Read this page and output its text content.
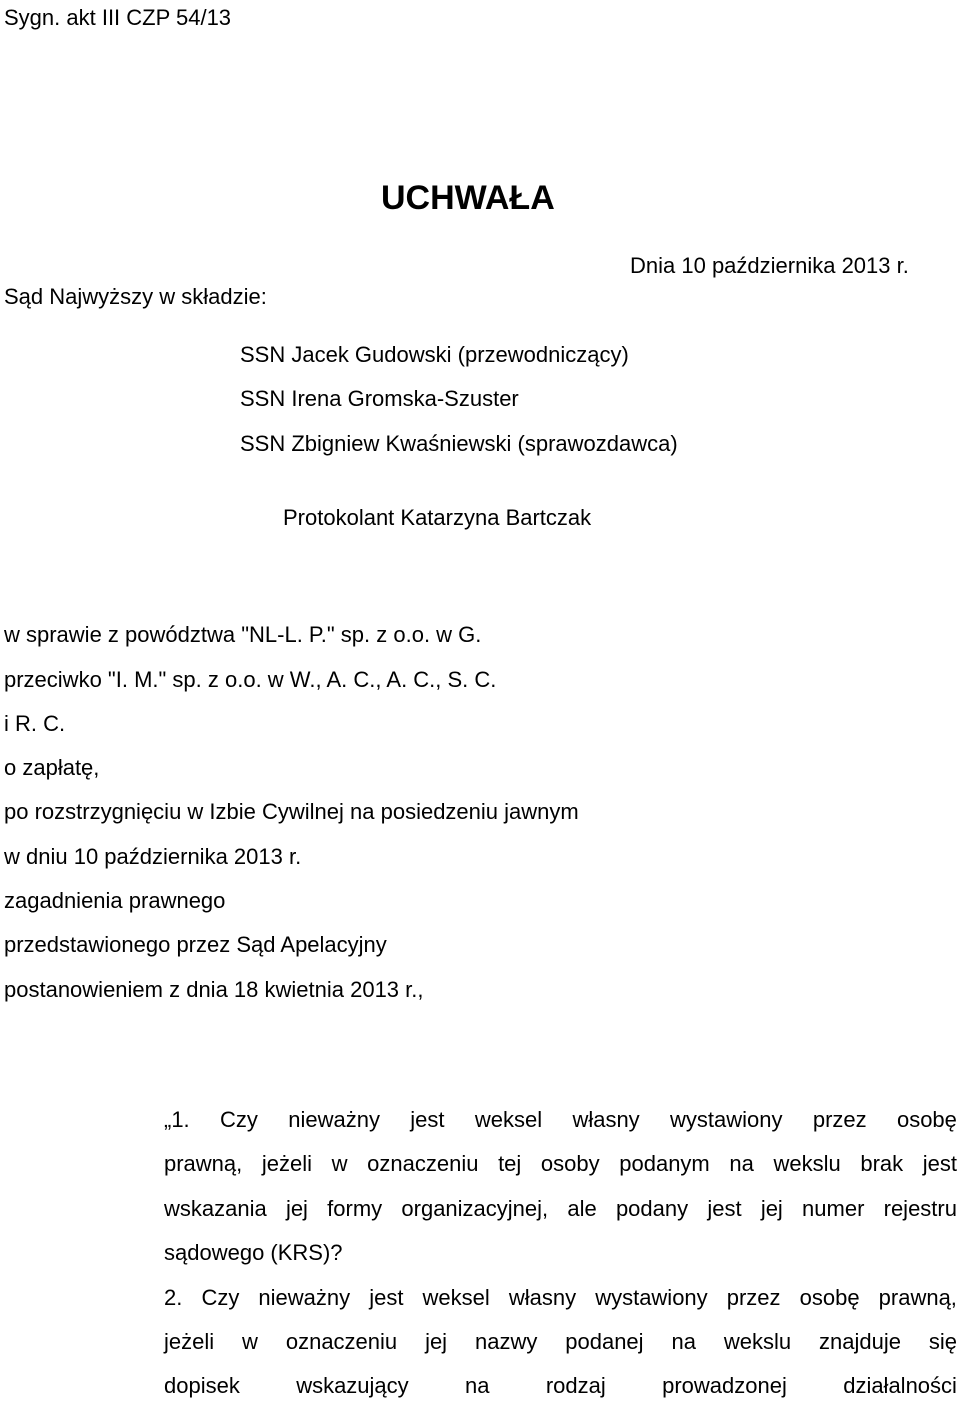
Sygn. akt III CZP 54/13
UCHWAŁA
Dnia 10 października 2013 r.
Sąd Najwyższy w składzie:
SSN Jacek Gudowski (przewodniczący)
SSN Irena Gromska-Szuster
SSN Zbigniew Kwaśniewski (sprawozdawca)
Protokolant Katarzyna Bartczak
w sprawie z powództwa "NL-L. P." sp. z o.o. w G.
przeciwko "I. M." sp. z o.o. w W., A. C., A. C., S. C.
i R. C.
o zapłatę,
po rozstrzygnięciu w Izbie Cywilnej na posiedzeniu jawnym
w dniu 10 października 2013 r.
zagadnienia prawnego
przedstawionego przez Sąd Apelacyjny
postanowieniem z dnia 18 kwietnia 2013 r.,
„1. Czy nieważny jest weksel własny wystawiony przez osobę
prawną, jeżeli w oznaczeniu tej osoby podanym na wekslu brak jest
wskazania jej formy organizacyjnej, ale podany jest jej numer rejestru
sądowego (KRS)?
2. Czy nieważny jest weksel własny wystawiony przez osobę prawną,
jeżeli w oznaczeniu jej nazwy podanej na wekslu znajduje się
dopisek	wskazujący	na	rodzaj	prowadzonej	działalności
